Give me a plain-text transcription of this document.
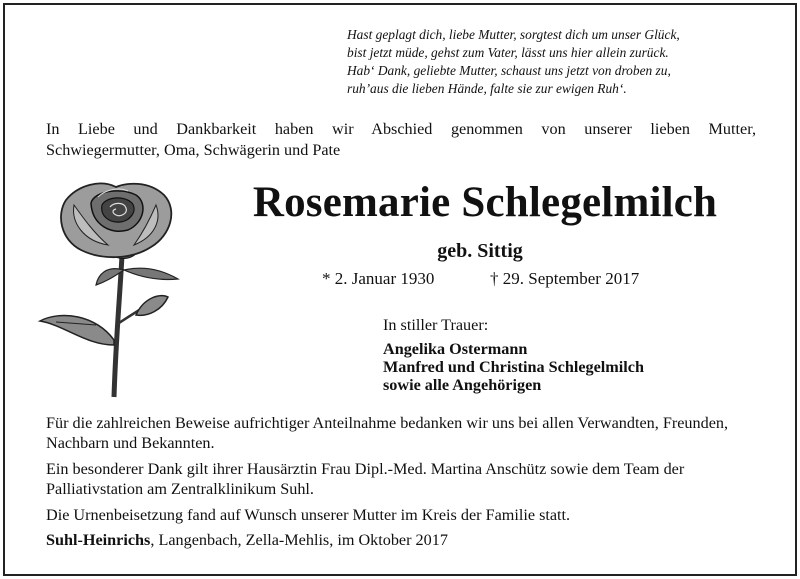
Hast geplagt dich, liebe Mutter, sorgtest dich um unser Glück,
bist jetzt müde, gehst zum Vater, lässt uns hier allein zurück.
Hab‘ Dank, geliebte Mutter, schaust uns jetzt von droben zu,
ruh’aus die lieben Hände, falte sie zur ewigen Ruh‘.
In Liebe und Dankbarkeit haben wir Abschied genommen von unserer lieben Mutter,
Schwiegermutter, Oma, Schwägerin und Pate
Rosemarie Schlegelmilch
geb. Sittig
* 2. Januar 1930	† 29. September 2017
In stiller Trauer:
Angelika Ostermann
Manfred und Christina Schlegelmilch
sowie alle Angehörigen
Für die zahlreichen Beweise aufrichtiger Anteilnahme bedanken wir uns bei allen Verwandten, Freunden, Nachbarn und Bekannten.
Ein besonderer Dank gilt ihrer Hausärztin Frau Dipl.-Med. Martina Anschütz sowie dem Team der Palliativstation am Zentralklinikum Suhl.
Die Urnenbeisetzung fand auf Wunsch unserer Mutter im Kreis der Familie statt.
Suhl-Heinrichs, Langenbach, Zella-Mehlis, im Oktober 2017
